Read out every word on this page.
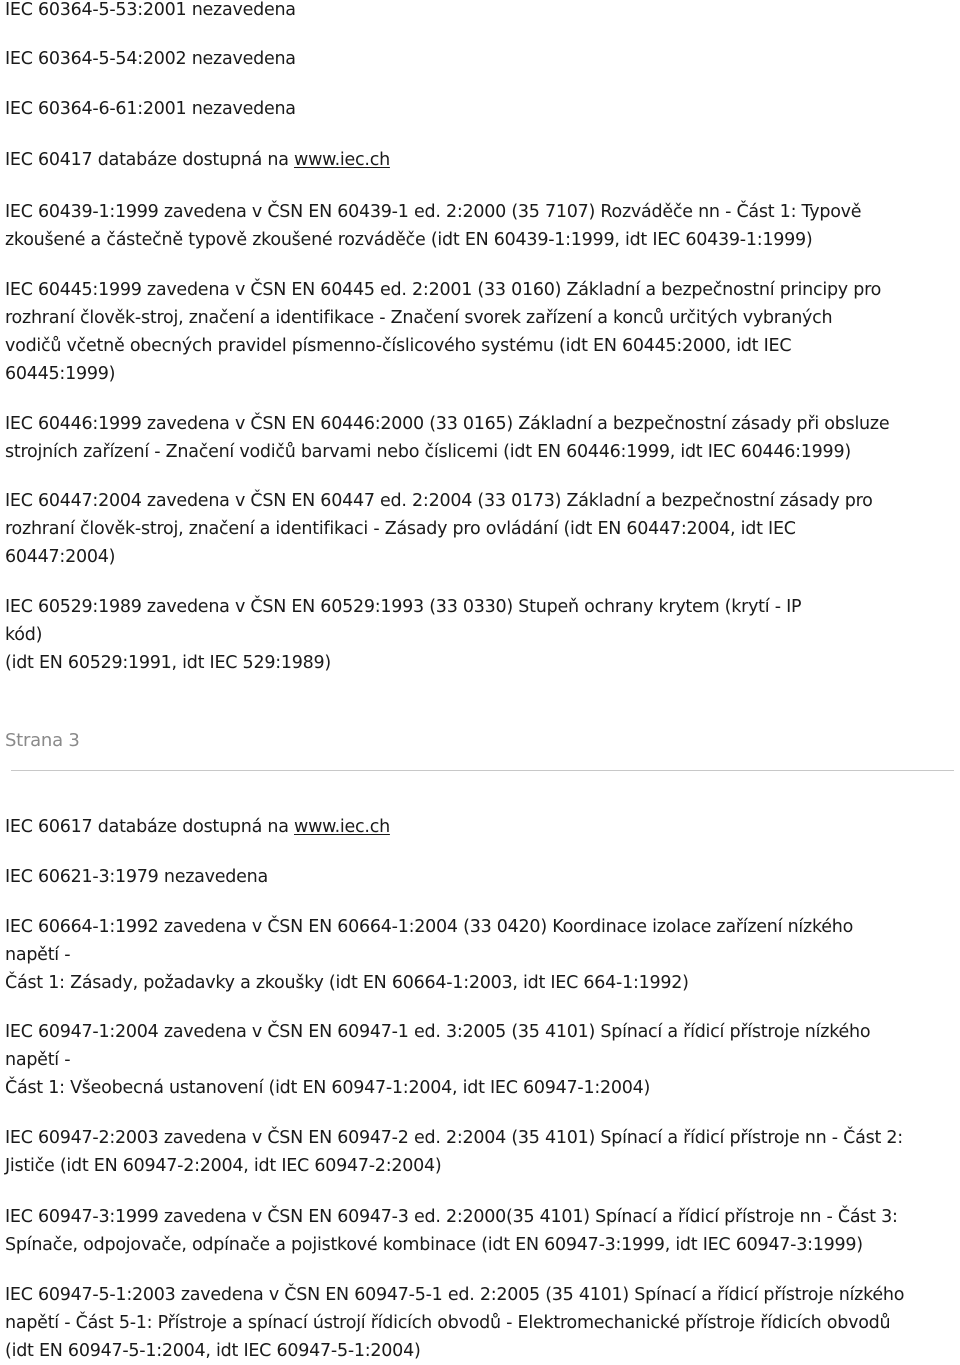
IEC 60364-5-53:2001 nezavedena

IEC 60364-5-54:2002 nezavedena

IEC 60364-6-61:2001 nezavedena

IEC 60417 databáze dostupná na www.iec.ch

IEC 60439-1:1999 zavedena v ČSN EN 60439-1 ed. 2:2000 (35 7107) Rozváděče nn - Část 1: Typově
zkoušené a částečně typově zkoušené rozváděče (idt EN 60439-1:1999, idt IEC 60439-1:1999)

IEC 60445:1999 zavedena v ČSN EN 60445 ed. 2:2001 (33 0160) Základní a bezpečnostní principy pro
rozhraní člověk-stroj, značení a identifikace - Značení svorek zařízení a konců určitých vybraných
vodičů včetně obecných pravidel písmenno-číslicového systému (idt EN 60445:2000, idt IEC
60445:1999)

IEC 60446:1999 zavedena v ČSN EN 60446:2000 (33 0165) Základní a bezpečnostní zásady při obsluze
strojních zařízení - Značení vodičů barvami nebo číslicemi (idt EN 60446:1999, idt IEC 60446:1999)

IEC 60447:2004 zavedena v ČSN EN 60447 ed. 2:2004 (33 0173) Základní a bezpečnostní zásady pro
rozhraní člověk-stroj, značení a identifikaci - Zásady pro ovládání (idt EN 60447:2004, idt IEC
60447:2004)

IEC 60529:1989 zavedena v ČSN EN 60529:1993 (33 0330) Stupeň ochrany krytem (krytí - IP
kód)
(idt EN 60529:1991, idt IEC 529:1989)

Strana 3

IEC 60617 databáze dostupná na www.iec.ch

IEC 60621-3:1979 nezavedena

IEC 60664-1:1992 zavedena v ČSN EN 60664-1:2004 (33 0420) Koordinace izolace zařízení nízkého
napětí -
Část 1: Zásady, požadavky a zkoušky (idt EN 60664-1:2003, idt IEC 664-1:1992)

IEC 60947-1:2004 zavedena v ČSN EN 60947-1 ed. 3:2005 (35 4101) Spínací a řídicí přístroje nízkého
napětí -
Část 1: Všeobecná ustanovení (idt EN 60947-1:2004, idt IEC 60947-1:2004)

IEC 60947-2:2003 zavedena v ČSN EN 60947-2 ed. 2:2004 (35 4101) Spínací a řídicí přístroje nn - Část 2:
Jističe (idt EN 60947-2:2004, idt IEC 60947-2:2004)

IEC 60947-3:1999 zavedena v ČSN EN 60947-3 ed. 2:2000(35 4101) Spínací a řídicí přístroje nn - Část 3:
Spínače, odpojovače, odpínače a pojistkové kombinace (idt EN 60947-3:1999, idt IEC 60947-3:1999)

IEC 60947-5-1:2003 zavedena v ČSN EN 60947-5-1 ed. 2:2005 (35 4101) Spínací a řídicí přístroje nízkého
napětí - Část 5-1: Přístroje a spínací ústrojí řídicích obvodů - Elektromechanické přístroje řídicích obvodů
(idt EN 60947-5-1:2004, idt IEC 60947-5-1:2004)
